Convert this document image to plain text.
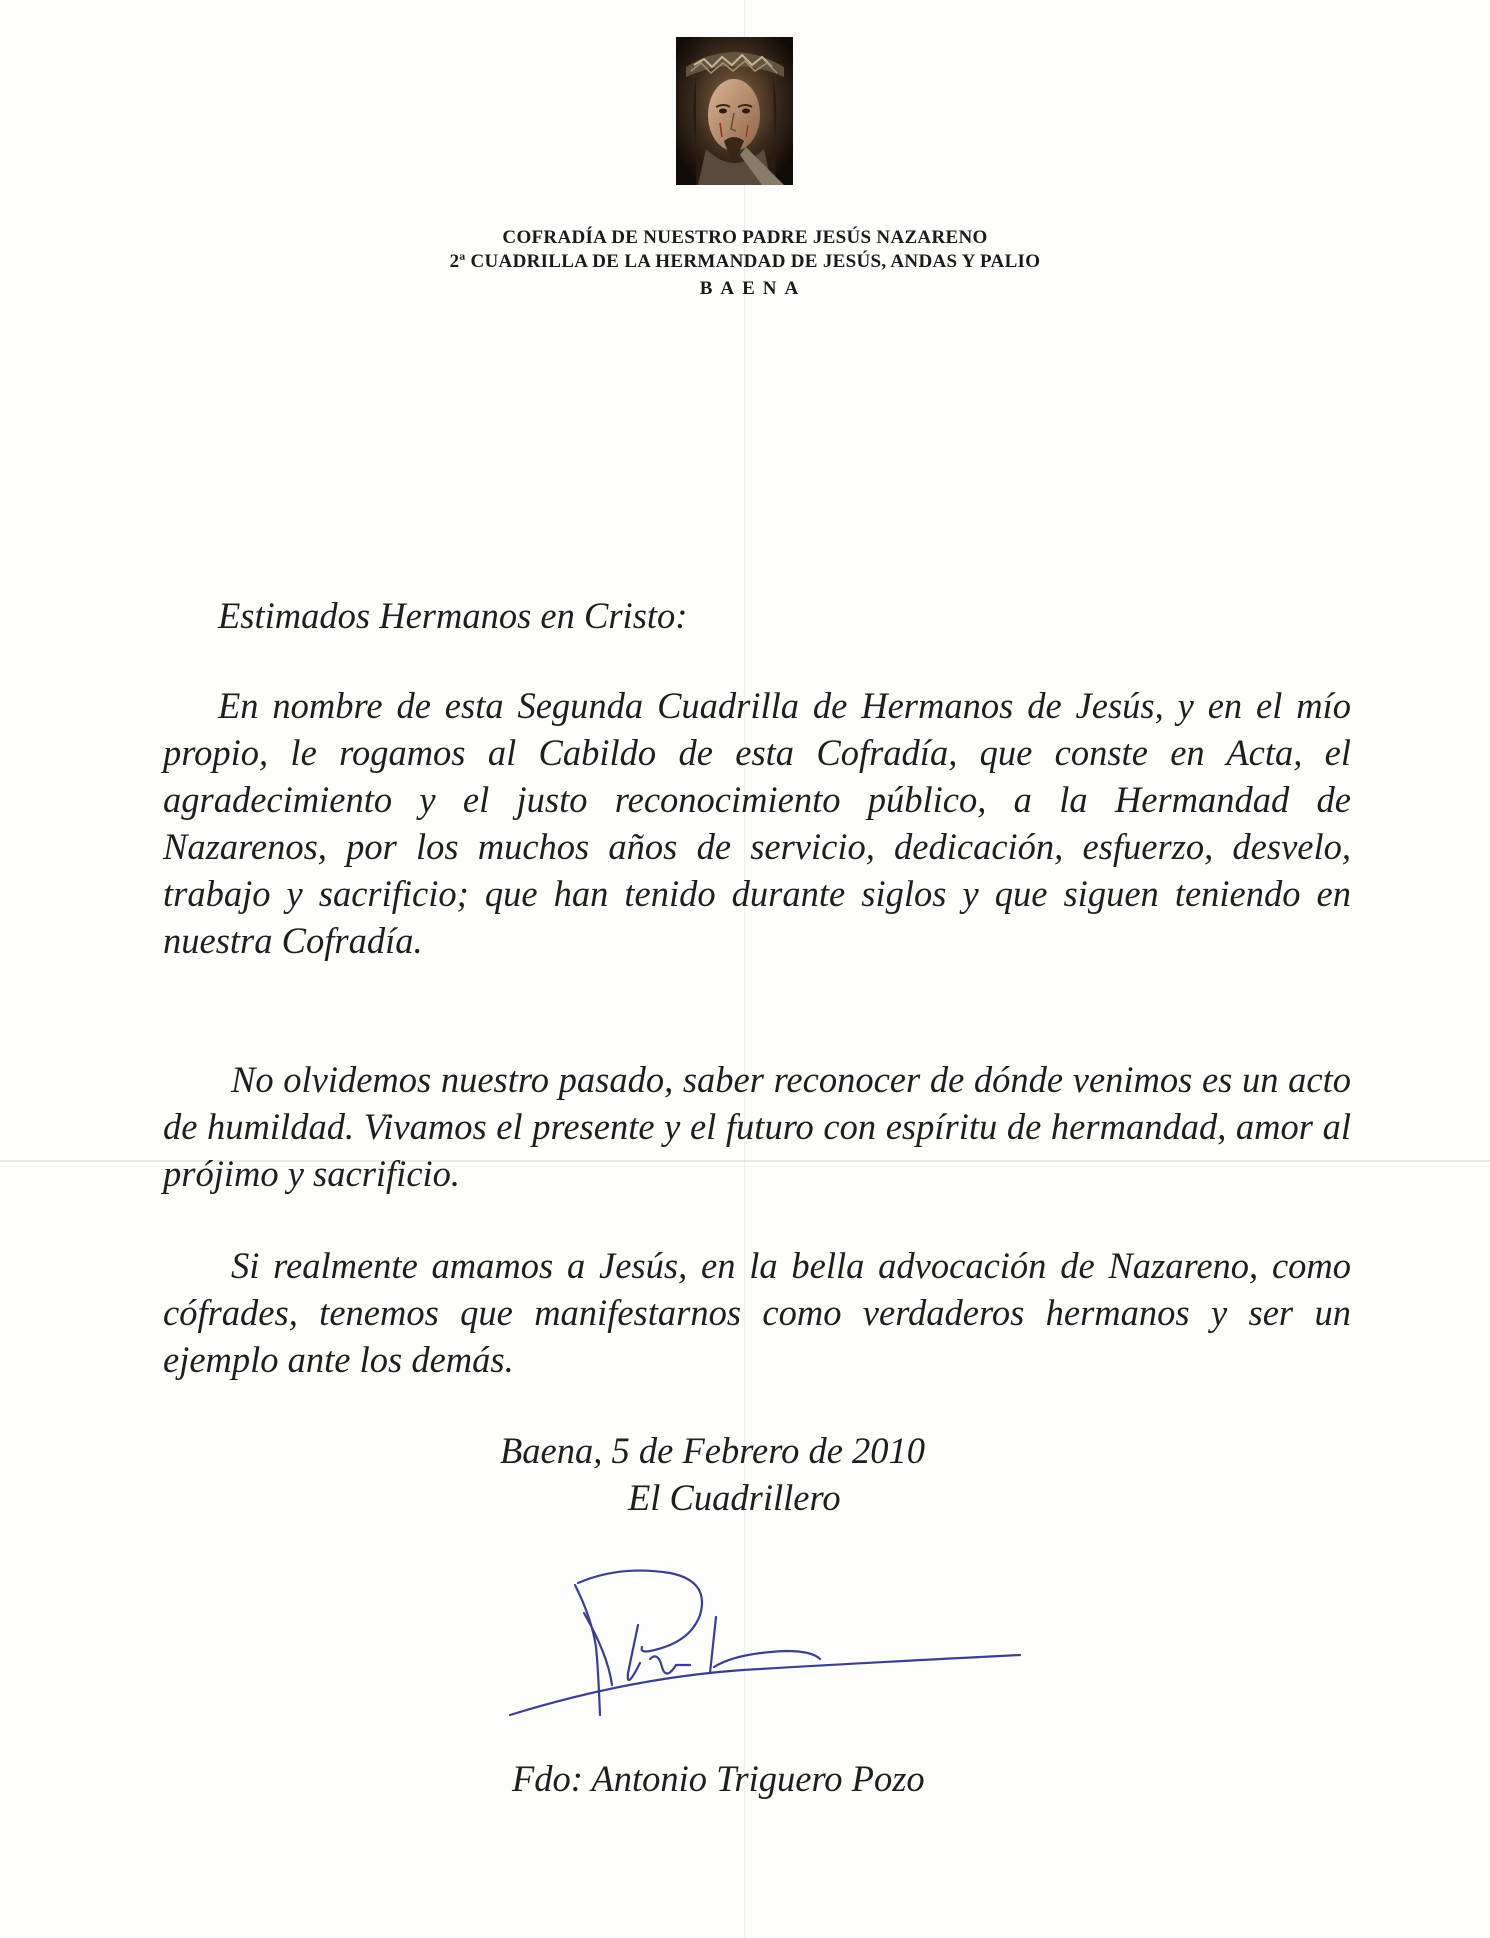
COFRADÍA DE NUESTRO PADRE JESÚS NAZARENO
2ª CUADRILLA DE LA HERMANDAD DE JESÚS, ANDAS Y PALIO
BAENA

Estimados Hermanos en Cristo:

En nombre de esta Segunda Cuadrilla de Hermanos de Jesús, y en el mío propio, le rogamos al Cabildo de esta Cofradía, que conste en Acta, el agradecimiento y el justo reconocimiento público, a la Hermandad de Nazarenos, por los muchos años de servicio, dedicación, esfuerzo, desvelo, trabajo y sacrificio; que han tenido durante siglos y que siguen teniendo en nuestra Cofradía.

No olvidemos nuestro pasado, saber reconocer de dónde venimos es un acto de humildad. Vivamos el presente y el futuro con espíritu de hermandad, amor al prójimo y sacrificio.

Si realmente amamos a Jesús, en la bella advocación de Nazareno, como cófrades, tenemos que manifestarnos como verdaderos hermanos y ser un ejemplo ante los demás.

Baena, 5 de Febrero de 2010
El Cuadrillero
Fdo: Antonio Triguero Pozo
